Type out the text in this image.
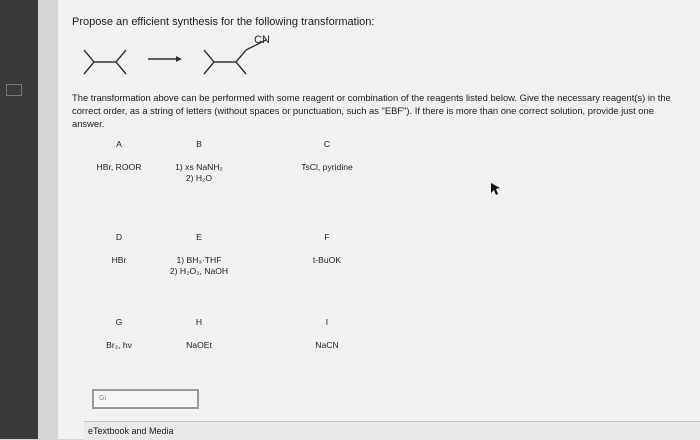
Propose an efficient synthesis for the following transformation:
CN
The transformation above can be performed with some reagent or combination of the reagents listed below. Give the necessary reagent(s) in the correct order, as a string of letters (without spaces or punctuation, such as "EBF"). If there is more than one correct solution, provide just one answer.
A
HBr, ROOR
B
1) xs NaNH₂
2) H₂O
C
TsCl, pyridine
D
HBr
E
1) BH₃·THF
2) H₂O₂, NaOH
F
t-BuOK
G
Br₂, hν
H
NaOEt
I
NaCN
Gi
eTextbook and Media
